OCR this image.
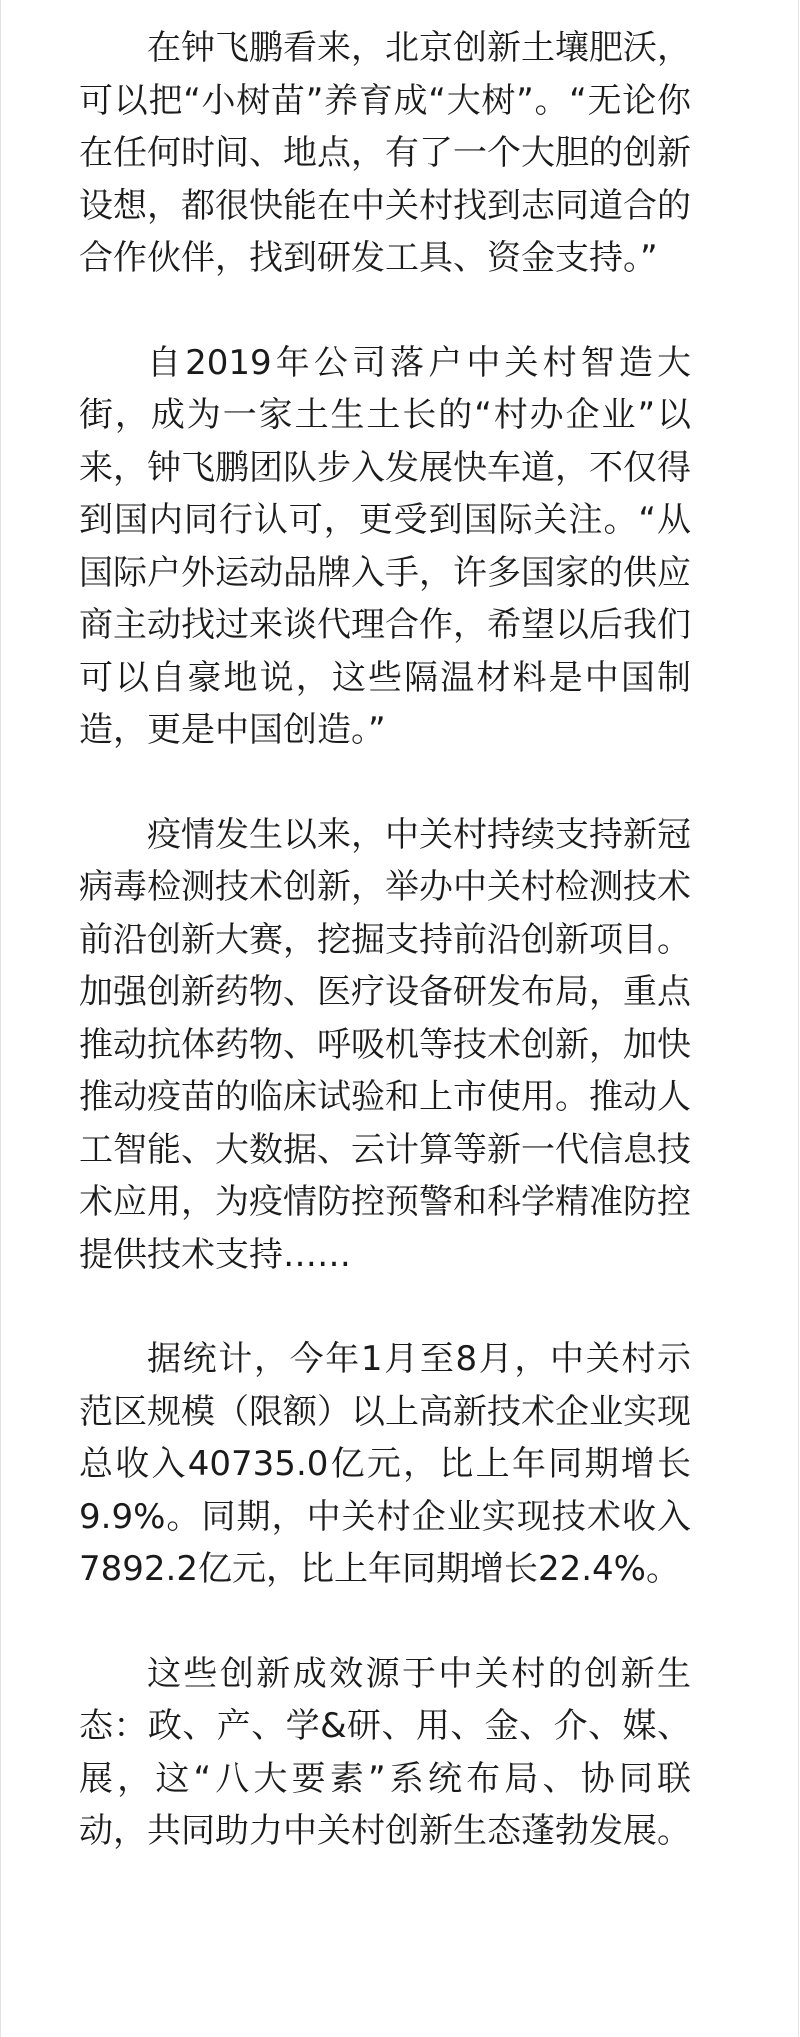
在钟飞鹏看来，北京创新土壤肥沃，可以把“小树苗”养育成“大树”。“无论你在任何时间、地点，有了一个大胆的创新设想，都很快能在中关村找到志同道合的合作伙伴，找到研发工具、资金支持。”

自2019年公司落户中关村智造大街，成为一家土生土长的“村办企业”以来，钟飞鹏团队步入发展快车道，不仅得到国内同行认可，更受到国际关注。“从国际户外运动品牌入手，许多国家的供应商主动找过来谈代理合作，希望以后我们可以自豪地说，这些隔温材料是中国制造，更是中国创造。”

疫情发生以来，中关村持续支持新冠病毒检测技术创新，举办中关村检测技术前沿创新大赛，挖掘支持前沿创新项目。加强创新药物、医疗设备研发布局，重点推动抗体药物、呼吸机等技术创新，加快推动疫苗的临床试验和上市使用。推动人工智能、大数据、云计算等新一代信息技术应用，为疫情防控预警和科学精准防控提供技术支持……

据统计，今年1月至8月，中关村示范区规模（限额）以上高新技术企业实现总收入40735.0亿元，比上年同期增长9.9%。同期，中关村企业实现技术收入7892.2亿元，比上年同期增长22.4%。

这些创新成效源于中关村的创新生态：政、产、学&研、用、金、介、媒、展，这“八大要素”系统布局、协同联动，共同助力中关村创新生态蓬勃发展。
